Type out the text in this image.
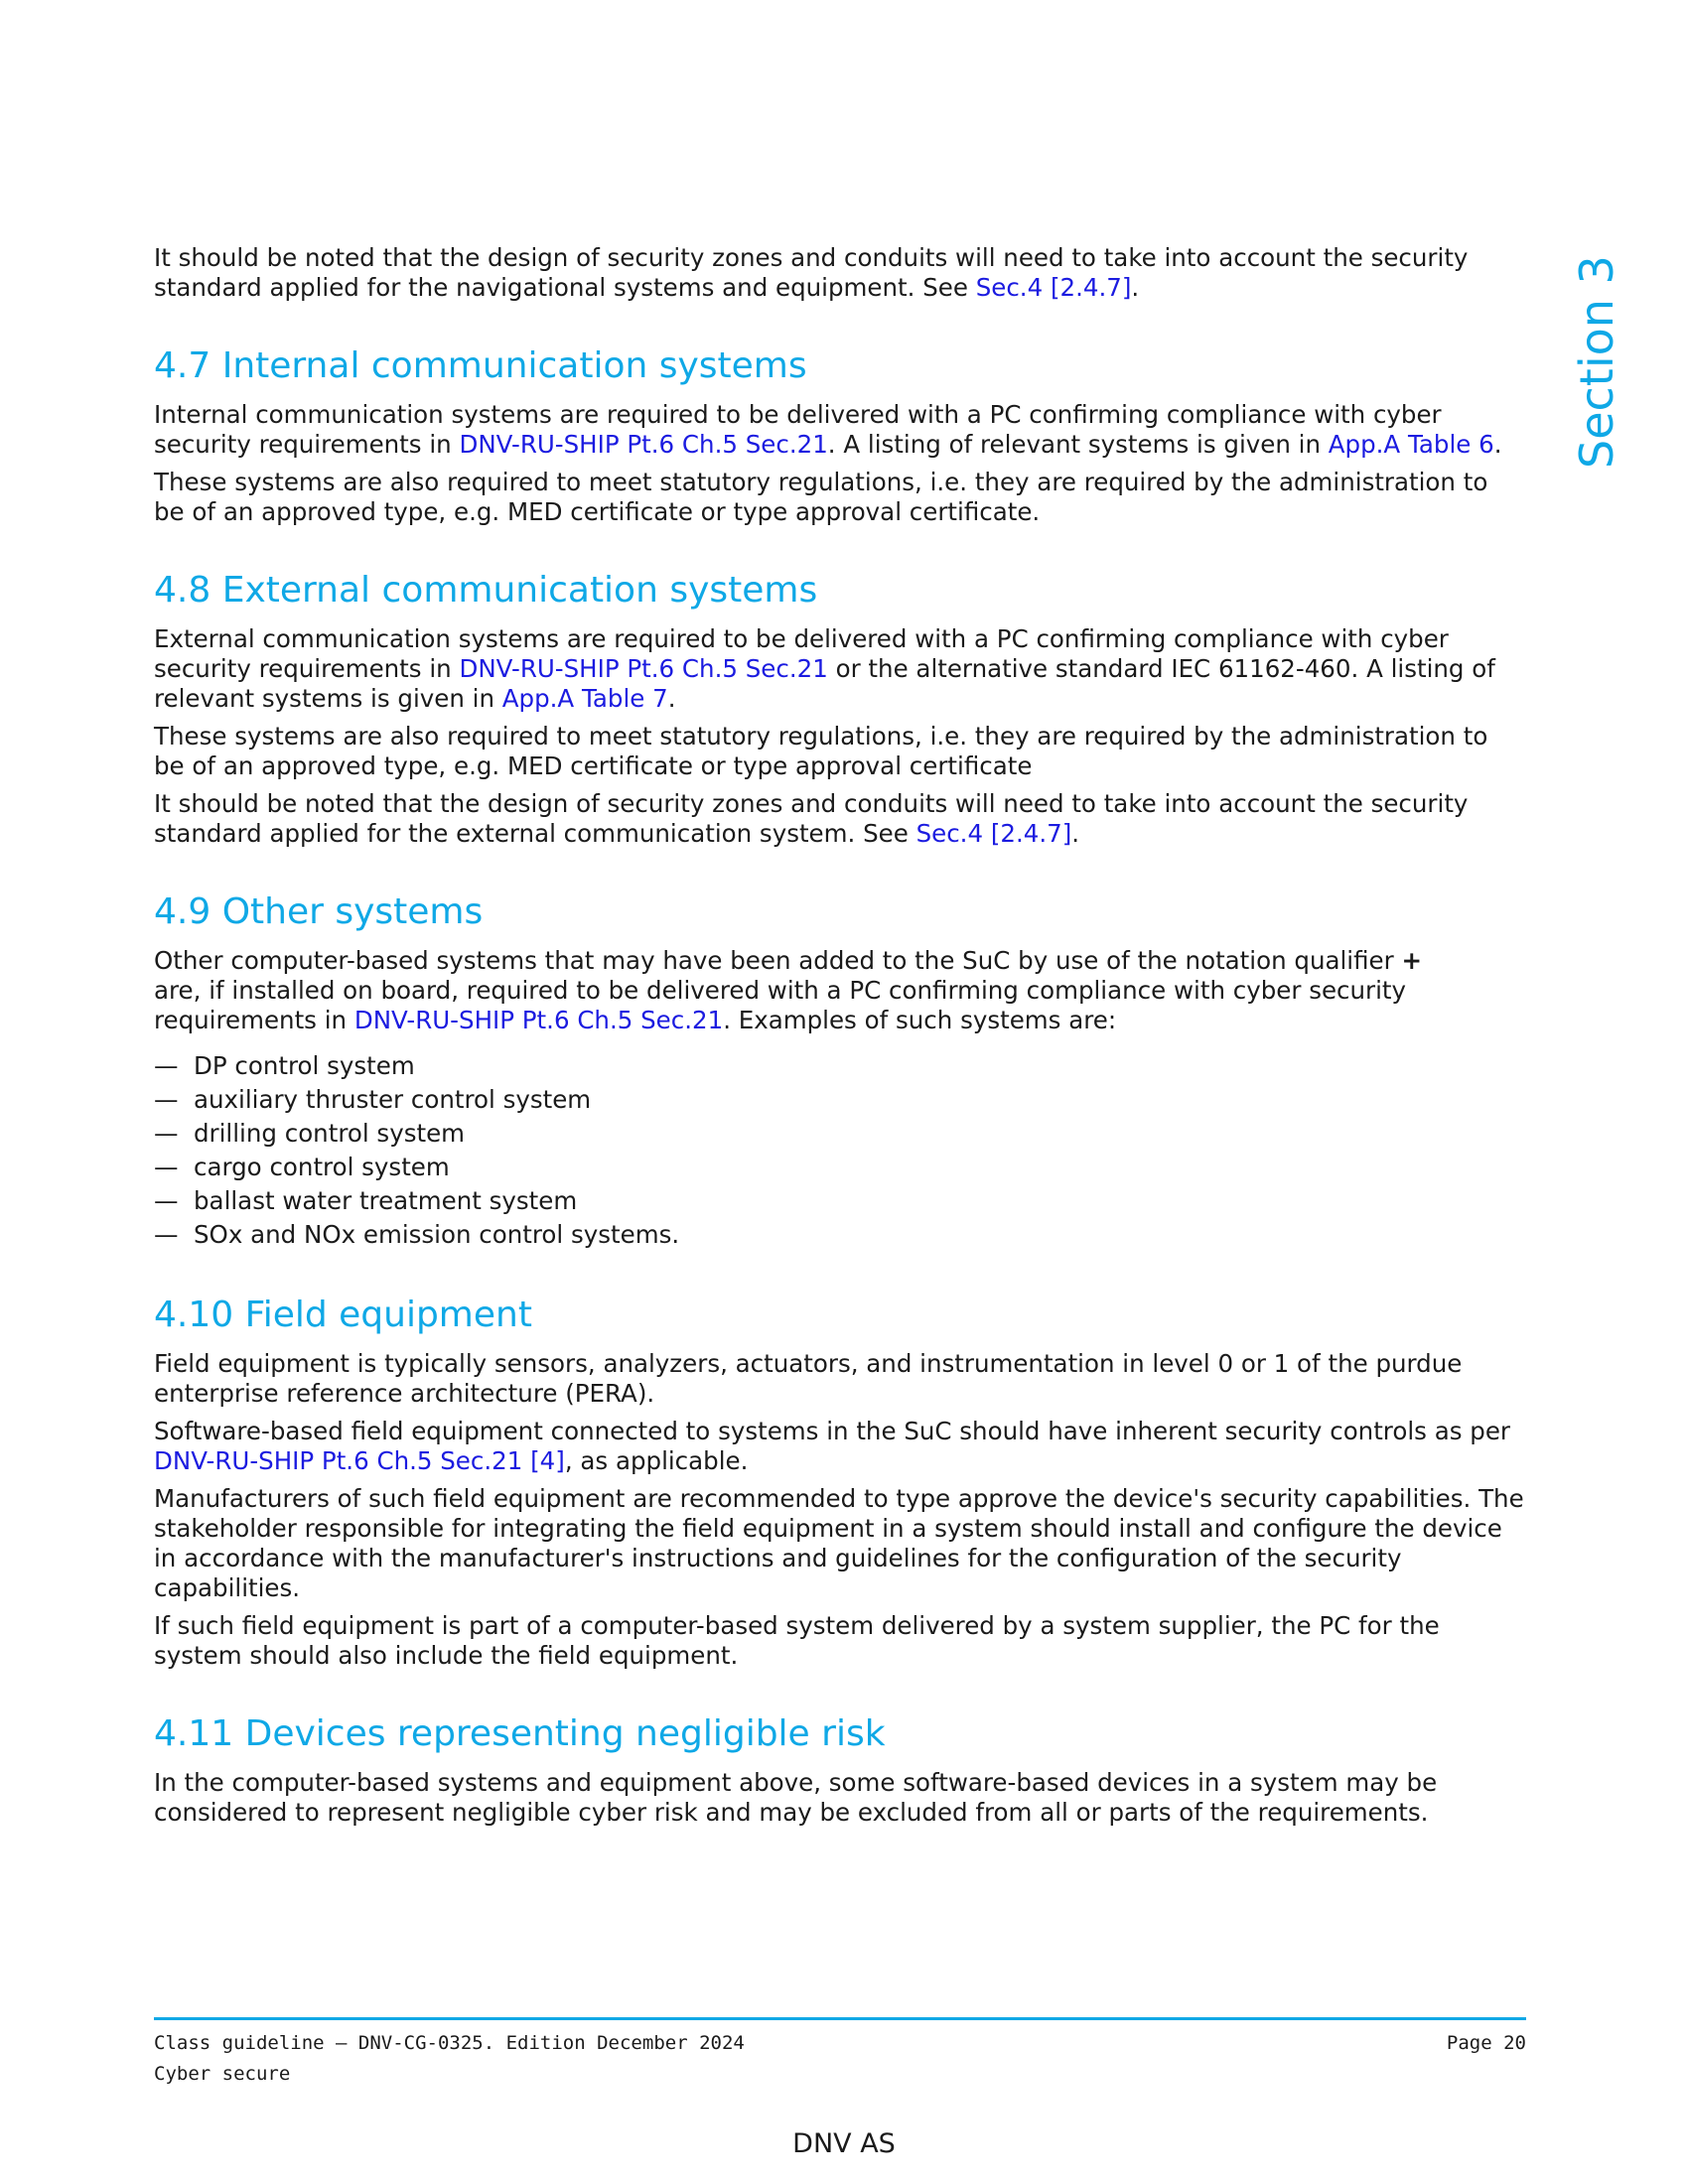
Section 3

It should be noted that the design of security zones and conduits will need to take into account the security standard applied for the navigational systems and equipment. See Sec.4 [2.4.7].

4.7 Internal communication systems

Internal communication systems are required to be delivered with a PC confirming compliance with cyber security requirements in DNV-RU-SHIP Pt.6 Ch.5 Sec.21. A listing of relevant systems is given in App.A Table 6.

These systems are also required to meet statutory regulations, i.e. they are required by the administration to be of an approved type, e.g. MED certificate or type approval certificate.

4.8 External communication systems

External communication systems are required to be delivered with a PC confirming compliance with cyber security requirements in DNV-RU-SHIP Pt.6 Ch.5 Sec.21 or the alternative standard IEC 61162-460. A listing of relevant systems is given in App.A Table 7.

These systems are also required to meet statutory regulations, i.e. they are required by the administration to be of an approved type, e.g. MED certificate or type approval certificate

It should be noted that the design of security zones and conduits will need to take into account the security standard applied for the external communication system. See Sec.4 [2.4.7].

4.9 Other systems

Other computer-based systems that may have been added to the SuC by use of the notation qualifier +
are, if installed on board, required to be delivered with a PC confirming compliance with cyber security requirements in DNV-RU-SHIP Pt.6 Ch.5 Sec.21. Examples of such systems are:

— DP control system
— auxiliary thruster control system
— drilling control system
— cargo control system
— ballast water treatment system
— SOx and NOx emission control systems.
4.10 Field equipment

Field equipment is typically sensors, analyzers, actuators, and instrumentation in level 0 or 1 of the purdue enterprise reference architecture (PERA).

Software-based field equipment connected to systems in the SuC should have inherent security controls as per DNV-RU-SHIP Pt.6 Ch.5 Sec.21 [4], as applicable.

Manufacturers of such field equipment are recommended to type approve the device's security capabilities. The stakeholder responsible for integrating the field equipment in a system should install and configure the device in accordance with the manufacturer's instructions and guidelines for the configuration of the security capabilities.

If such field equipment is part of a computer-based system delivered by a system supplier, the PC for the system should also include the field equipment.

4.11 Devices representing negligible risk

In the computer-based systems and equipment above, some software-based devices in a system may be considered to represent negligible cyber risk and may be excluded from all or parts of the requirements.

Class guideline — DNV-CG-0325. Edition December 2024
Cyber secure
Page 20
DNV AS
